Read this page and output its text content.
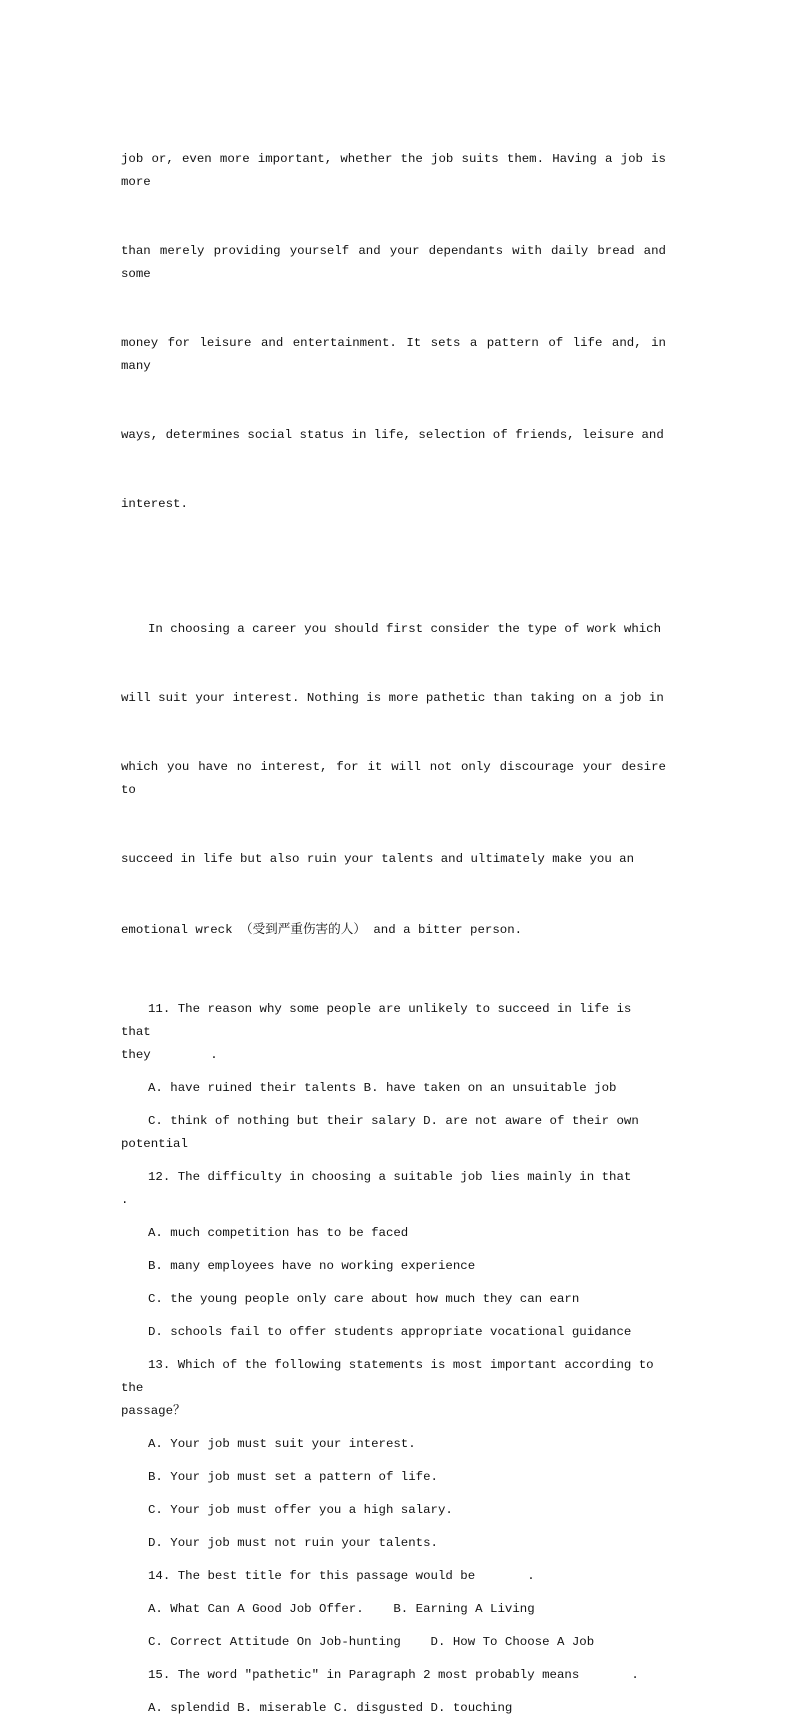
job or, even more important, whether the job suits them. Having a job is more

than merely providing yourself and your dependants with daily bread and some

money for leisure and entertainment. It sets a pattern of life and, in many

ways, determines social status in life, selection of friends, leisure and

interest.

In choosing a career you should first consider the type of work which

will suit your interest. Nothing is more pathetic than taking on a job in

which you have no interest, for it will not only discourage your desire to

succeed in life but also ruin your talents and ultimately make you an

emotional wreck （受到严重伤害的人） and a bitter person.

11. The reason why some people are unlikely to succeed in life is that
they        .
A. have ruined their talents B. have taken on an unsuitable job
C. think of nothing but their salary D. are not aware of their own
potential
12. The difficulty in choosing a suitable job lies mainly in that       .
A. much competition has to be faced
B. many employees have no working experience
C. the young people only care about how much they can earn
D. schools fail to offer students appropriate vocational guidance
13. Which of the following statements is most important according to the
passage？
A. Your job must suit your interest.
B. Your job must set a pattern of life.
C. Your job must offer you a high salary.
D. Your job must not ruin your talents.
14. The best title for this passage would be       .
A. What Can A Good Job Offer.    B. Earning A Living
C. Correct Attitude On Job-hunting    D. How To Choose A Job
15. The word "pathetic" in Paragraph 2 most probably means       .
A. splendid B. miserable C. disgusted D. touching
